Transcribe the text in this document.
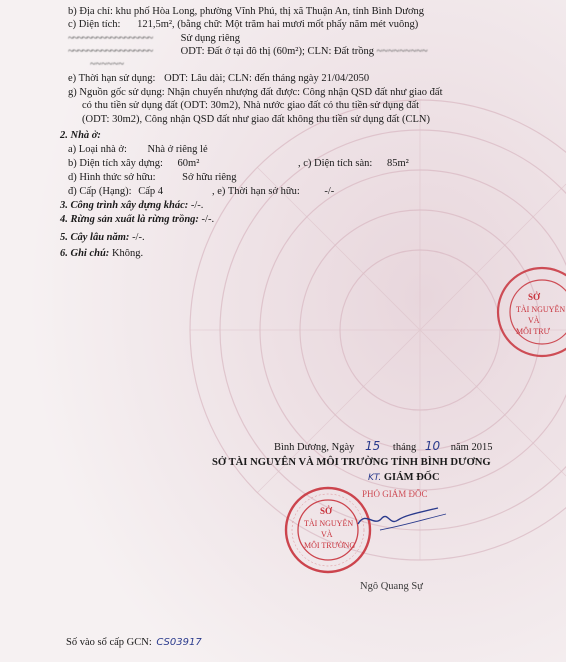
b) Địa chỉ: khu phố Hòa Long, phường Vĩnh Phú, thị xã Thuận An, tỉnh Bình Dương
c) Diện tích: 121,5m², (bằng chữ: Một trăm hai mươi mốt phẩy năm mét vuông)
~~~~~~~~~~~~~~~~~~	Sử dụng riêng
~~~~~~~~~~~~~~~~~~	ODT: Đất ở tại đô thị (60m²); CLN: Đất trồng ~~~~~~~~~
~~~~~~
e) Thời hạn sử dụng: ODT: Lâu dài; CLN: đến tháng ngày 21/04/2050
g) Nguồn gốc sử dụng: Nhận chuyển nhượng đất được: Công nhận QSD đất như giao đất
có thu tiền sử dụng đất (ODT: 30m2), Nhà nước giao đất có thu tiền sử dụng đất
(ODT: 30m2), Công nhận QSD đất như giao đất không thu tiền sử dụng đất (CLN)
2. Nhà ở:
a) Loại nhà ở: Nhà ở riêng lẻ
b) Diện tích xây dựng: 60m²	, c) Diện tích sàn: 85m²
d) Hình thức sở hữu:	Sở hữu riêng
đ) Cấp (Hạng): Cấp 4	, e) Thời hạn sở hữu: -/-
3. Công trình xây dựng khác: -/-.
4. Rừng sản xuất là rừng trồng: -/-.
5. Cây lâu năm: -/-.
6. Ghi chú: Không.
SỞ
TÀI NGUYÊN
VÀ
MÔI TRƯ
Bình Dương, Ngày 15 tháng 10 năm 2015
SỞ TÀI NGUYÊN VÀ MÔI TRƯỜNG TỈNH BÌNH DƯƠNG
KT. GIÁM ĐỐC
PHÓ GIÁM ĐỐC
SỞ
TÀI NGUYÊN
VÀ
MÔI TRƯỜNG
Ngô Quang Sự
Số vào sổ cấp GCN: CS03917
